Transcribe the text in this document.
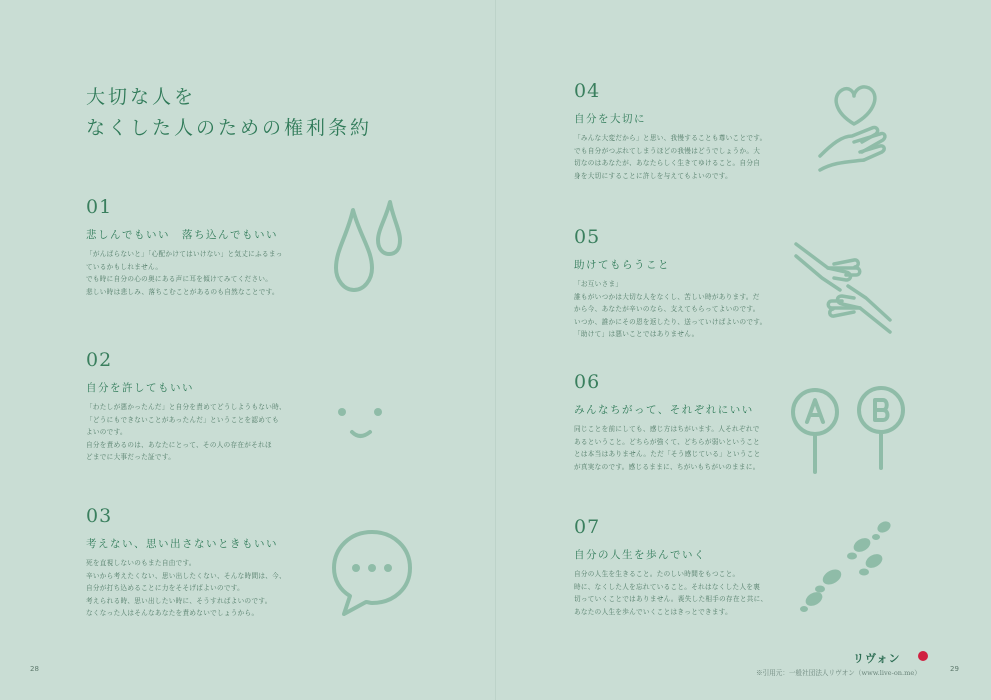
大切な人を
なくした人のための権利条約
01
悲しんでもいい　落ち込んでもいい
「がんばらないと」「心配かけてはいけない」と気丈にふるまっ
ているかもしれません。
でも時に自分の心の奥にある声に耳を傾けてみてください。
悲しい時は悲しみ、落ちこむことがあるのも自然なことです。
02
自分を許してもいい
「わたしが悪かったんだ」と自分を責めてどうしようもない時、
「どうにもできないことがあったんだ」ということを認めても
よいのです。
自分を責めるのは、あなたにとって、その人の存在がそれほ
どまでに大事だった証です。
03
考えない、思い出さないときもいい
死を直視しないのもまた自由です。
辛いから考えたくない、思い出したくない、そんな時間は、今、
自分が打ち込めることに力をそそげばよいのです。
考えられる時、思い出したい時に、そうすればよいのです。
なくなった人はそんなあなたを責めないでしょうから。
04
自分を大切に
「みんな大変だから」と思い、我慢することも尊いことです。
でも自分がつぶれてしまうほどの我慢はどうでしょうか。大
切なのはあなたが、あなたらしく生きてゆけること。自分自
身を大切にすることに許しを与えてもよいのです。
05
助けてもらうこと
「お互いさま」
誰もがいつかは大切な人をなくし、苦しい時があります。だ
から今、あなたが辛いのなら、支えてもらってよいのです。
いつか、誰かにその恩を返したり、送っていけばよいのです。
「助けて」は悪いことではありません。
06
みんなちがって、それぞれにいい
同じことを前にしても、感じ方はちがいます。人それぞれで
あるということ。どちらが強くて、どちらが弱いということ
とは本当はありません。ただ「そう感じている」ということ
が真実なのです。感じるままに、ちがいもちがいのままに。
07
自分の人生を歩んでいく
自分の人生を生きること。たのしい時間をもつこと。
時に、なくした人を忘れていること。それはなくした人を裏
切っていくことではありません。喪失した相手の存在と共に、
あなたの人生を歩んでいくことはきっとできます。
28	29
リヴォン
※引用元：一般社団法人リヴオン（www.live-on.me）
